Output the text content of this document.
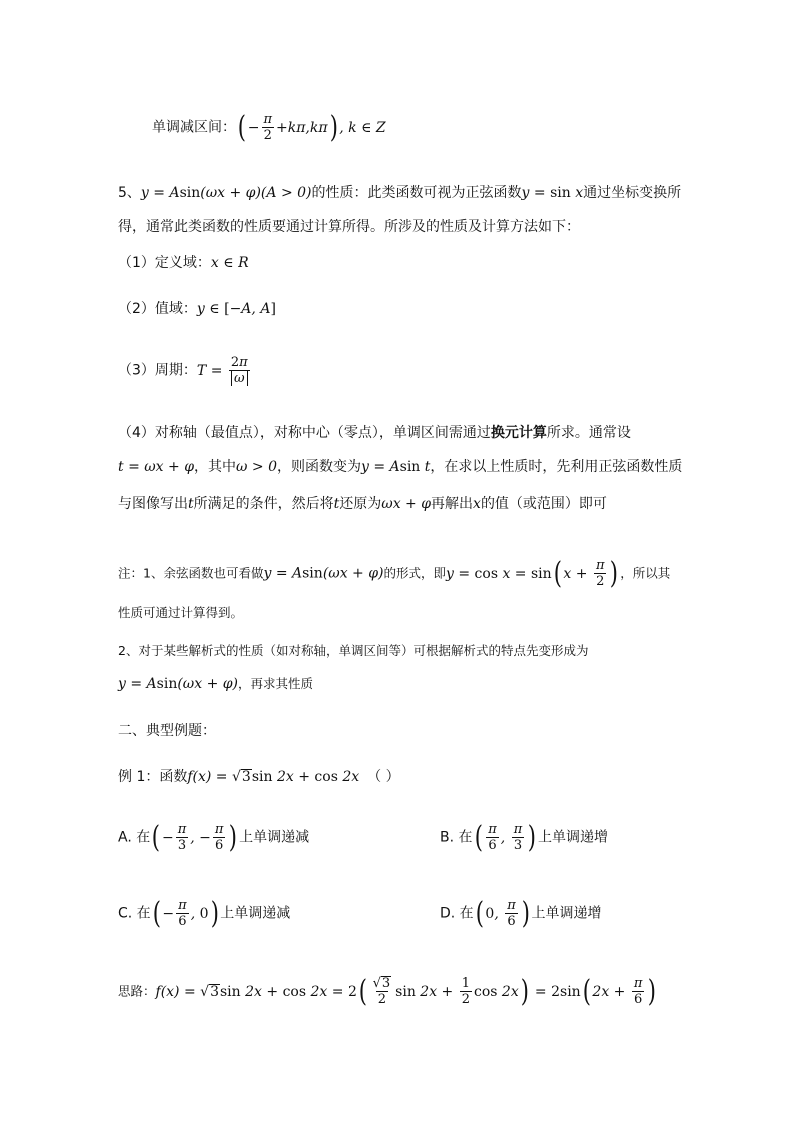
单调减区间：( − $\frac{\pi}{2} +k\pi,k\pi$) , k ∈ Z
5、y = Asin(ωx + φ)(A > 0)的性质：此类函数可视为正弦函数y = sin x通过坐标变换所
得，通常此类函数的性质要通过计算所得。所涉及的性质及计算方法如下：
（1）定义域：x ∈ R
（2）值域：y ∈ [−A, A]
（3）周期：$T = \frac{2\pi}{\omega}$
（4）对称轴（最值点），对称中心（零点），单调区间需通过换元计算所求。通常设
t = ωx + φ，其中ω > 0，则函数变为y = Asin t，在求以上性质时，先利用正弦函数性质
与图像写出t所满足的条件，然后将t还原为ωx + φ再解出x的值（或范围）即可
注：1、余弦函数也可看做y = Asin(ωx + φ)的形式，即y = cos x = sin( $x + \frac{\pi}{2}$ ) ，所以其
性质可通过计算得到。
2、对于某些解析式的性质（如对称轴，单调区间等）可根据解析式的特点先变形成为
y = Asin(ωx + φ)，再求其性质
二、典型例题：
例 1：函数f(x) = √3sin 2x + cos 2x （ ）
A. 在( − $\frac{\pi}{3}$ , − $\frac{\pi}{6}$ ) 上单调递减	B. 在( $\frac{\pi}{6}$ , $\frac{\pi}{3}$ ) 上单调递增
C. 在( − $\frac{\pi}{6}$ , 0) 上单调递减	D. 在( 0, $\frac{\pi}{6}$ ) 上单调递增
思路：f(x) = √3sin $2x + \cos 2x = 2( \frac{√3}{2}$ $\sin 2x + \frac{1}{2}$ cos 2x) = 2sin( $2x + \frac{\pi}{6}$ )
